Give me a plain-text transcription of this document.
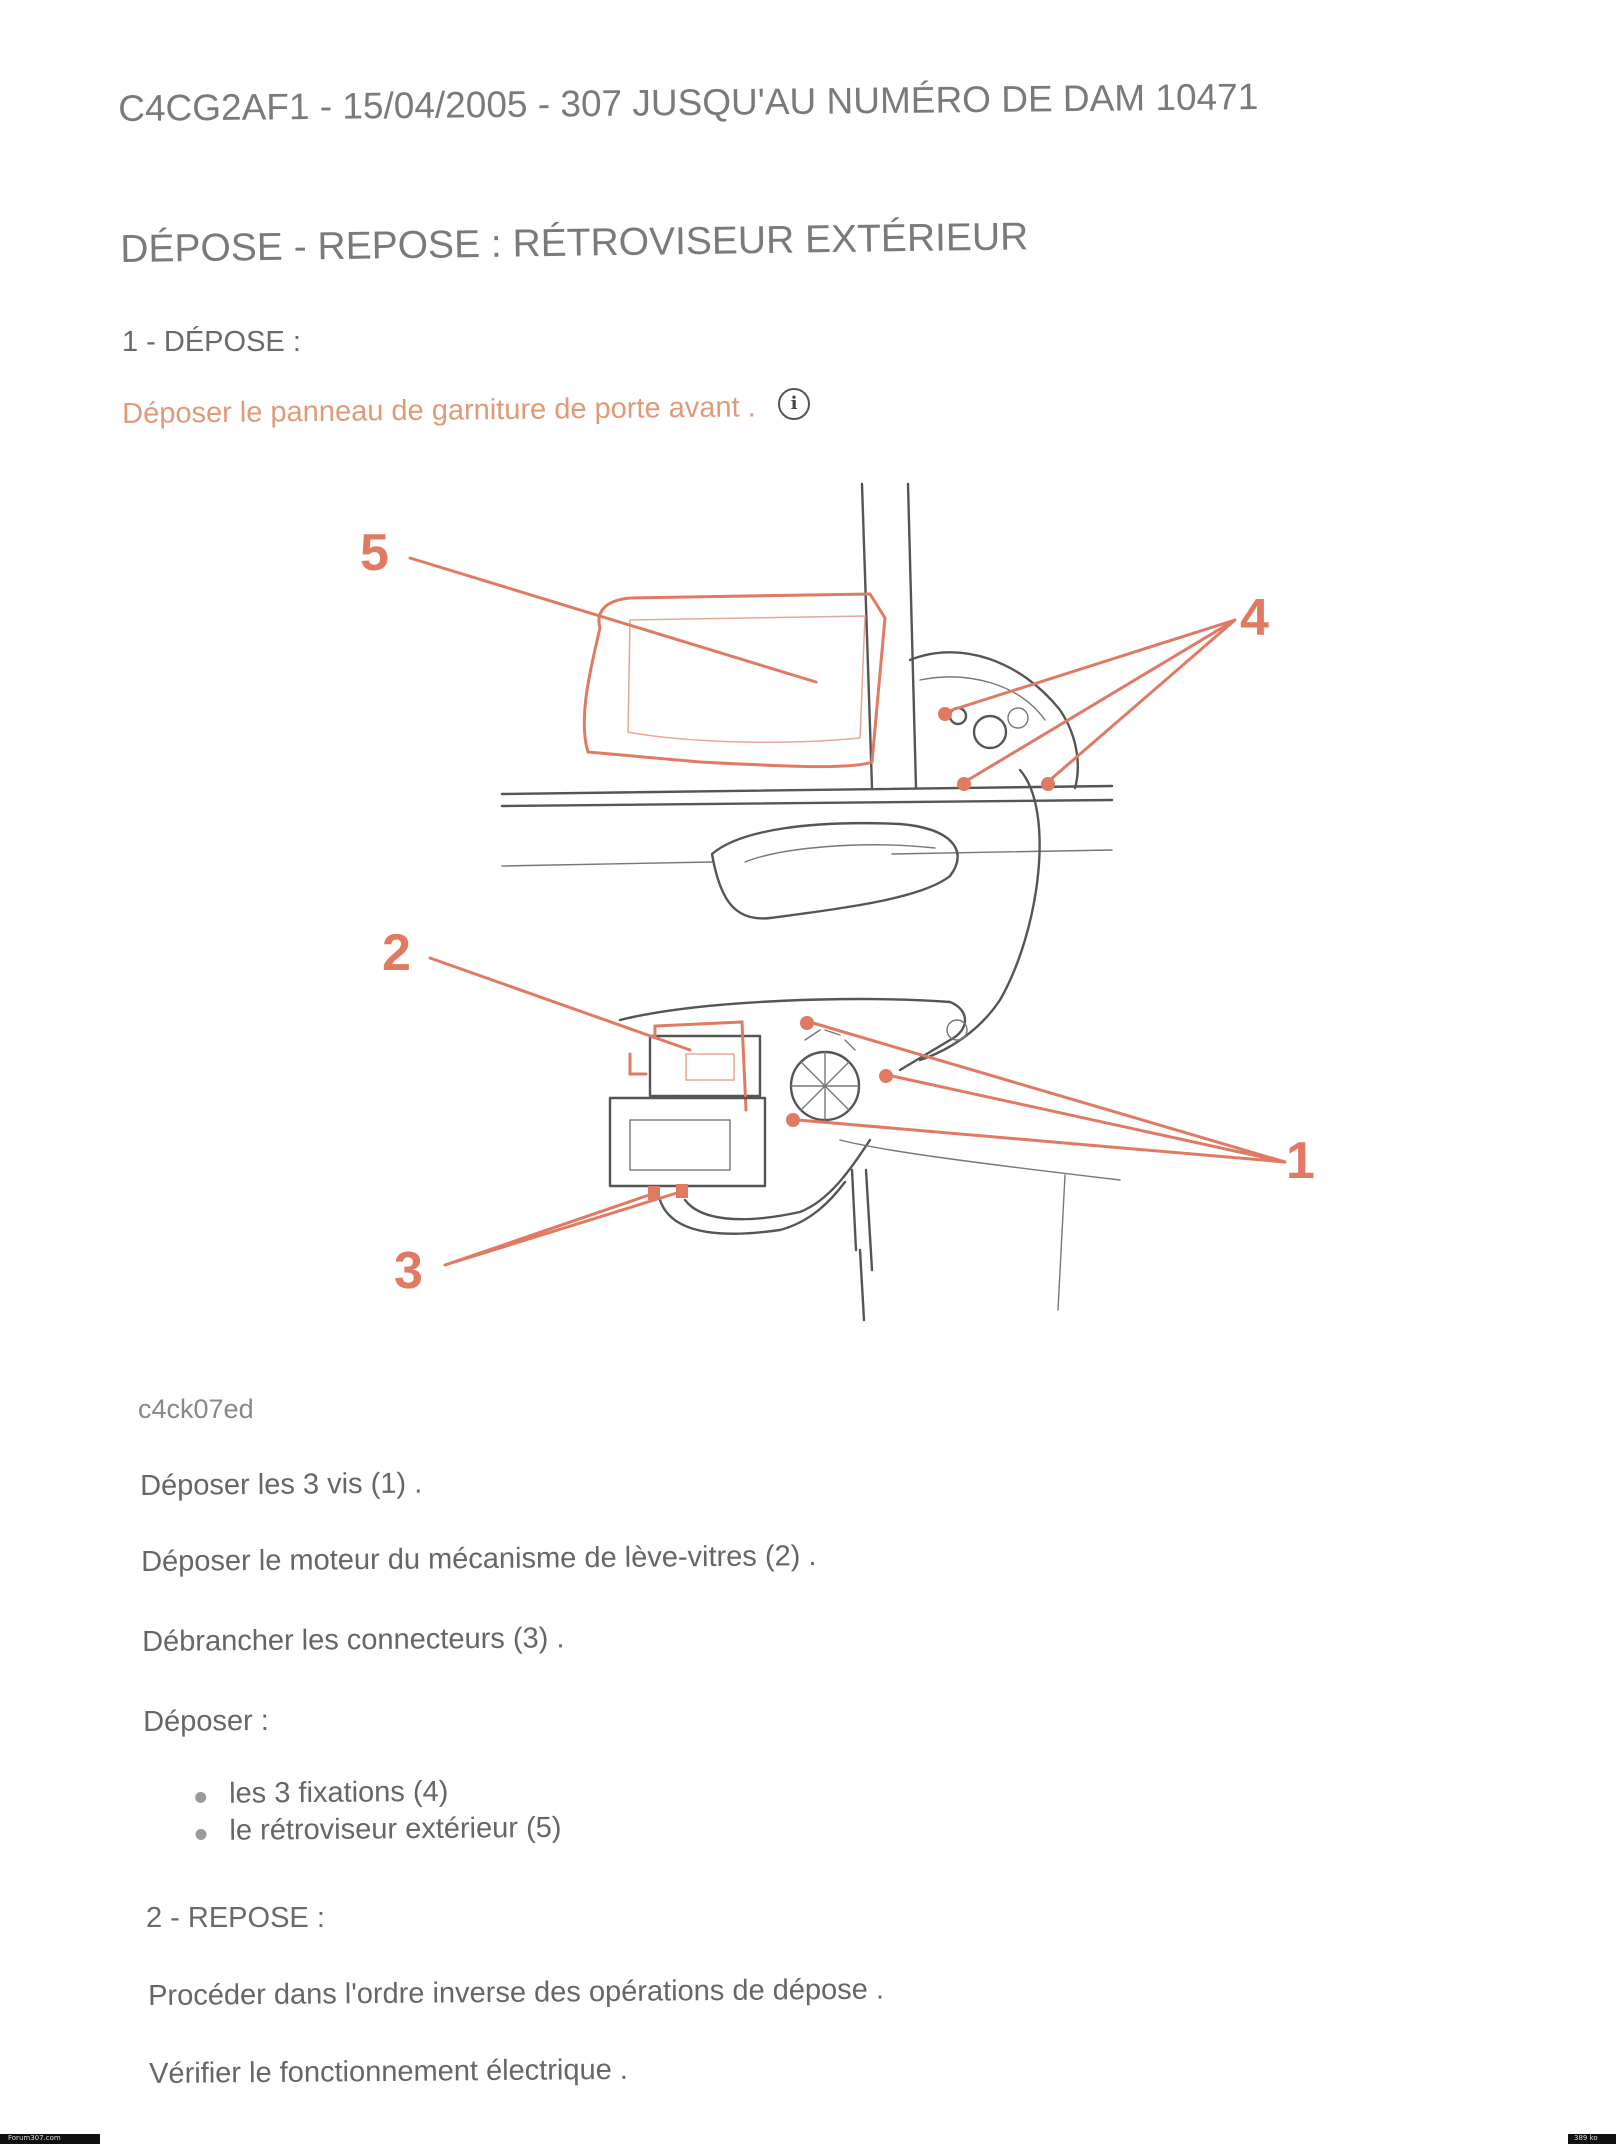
C4CG2AF1 - 15/04/2005 - 307 JUSQU'AU NUMÉRO DE DAM 10471
DÉPOSE - REPOSE : RÉTROVISEUR EXTÉRIEUR
1 - DÉPOSE :
Déposer le panneau de garniture de porte avant .	i
5
4
2
1
3
c4ck07ed
Déposer les 3 vis (1) .
Déposer le moteur du mécanisme de lève-vitres (2) .
Débrancher les connecteurs (3) .
Déposer :
les 3 fixations (4)
le rétroviseur extérieur (5)
2 - REPOSE :
Procéder dans l'ordre inverse des opérations de dépose .
Vérifier le fonctionnement électrique .
Forum307.com	389 ko
